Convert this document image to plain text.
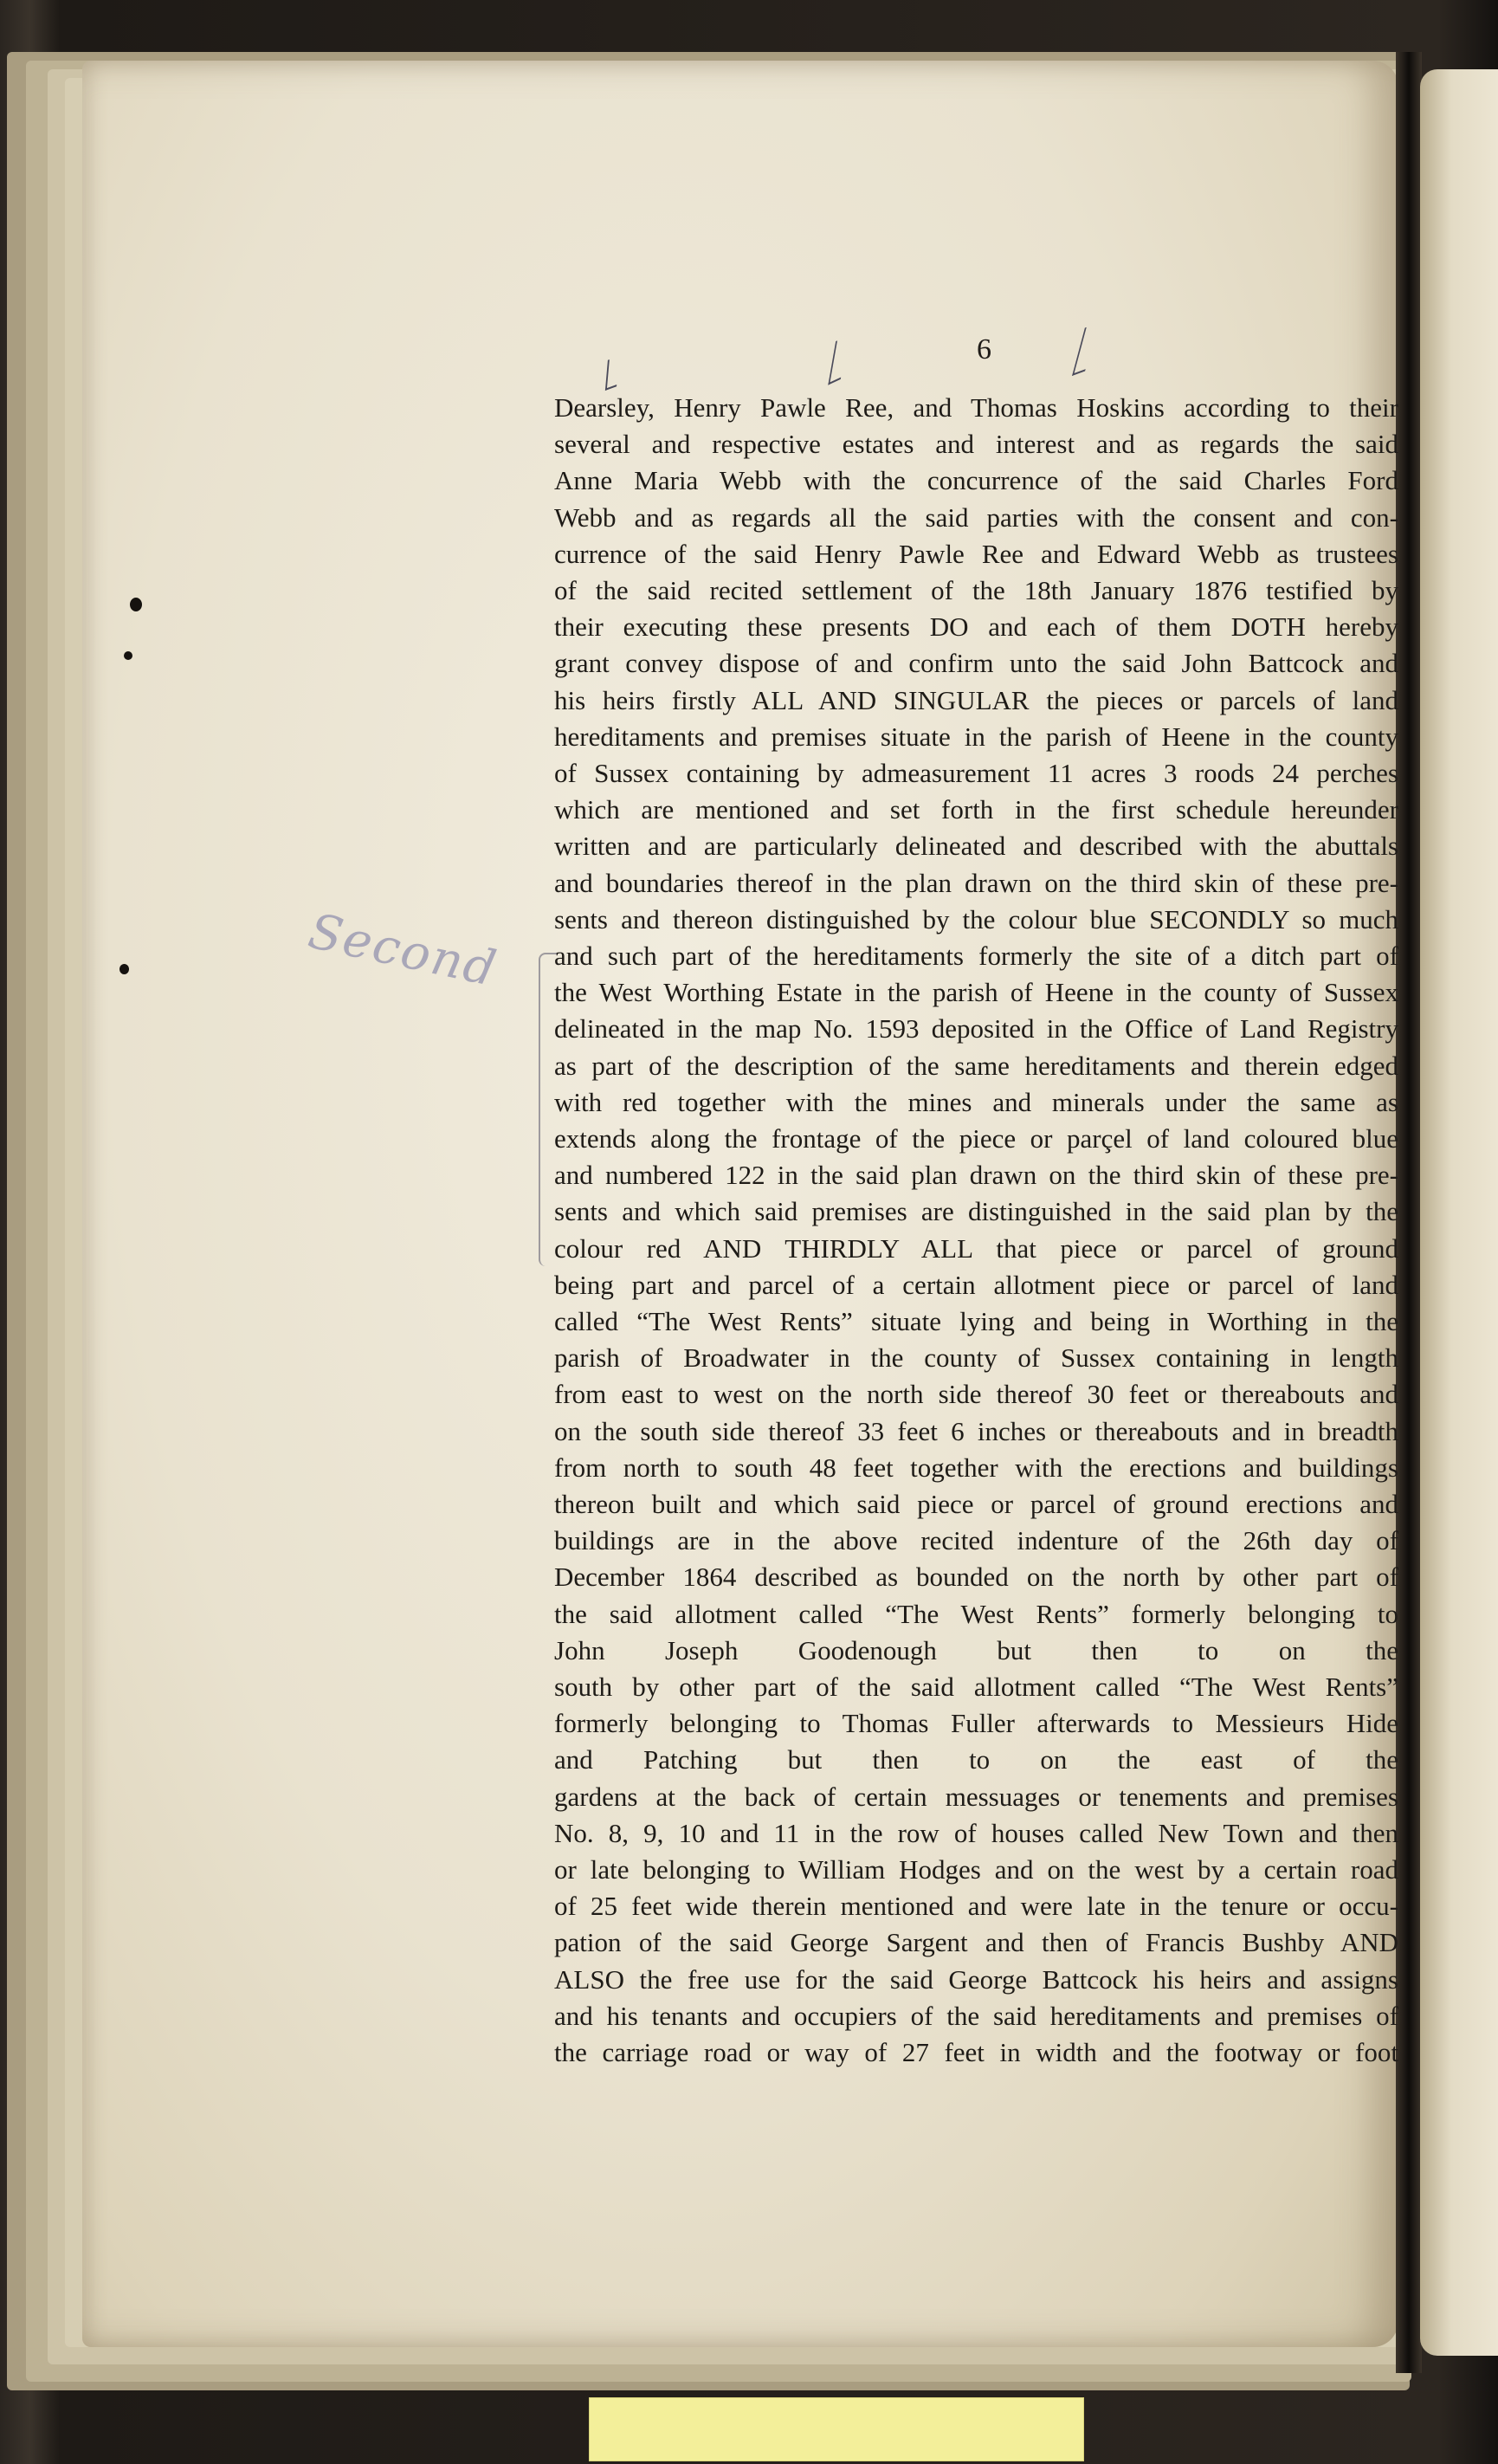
6
Second
Dearsley, Henry Pawle Ree, and Thomas Hoskins according to their
several and respective estates and interest and as regards the said
Anne Maria Webb with the concurrence of the said Charles Ford
Webb and as regards all the said parties with the consent and con-
currence of the said Henry Pawle Ree and Edward Webb as trustees
of the said recited settlement of the 18th January 1876 testified by
their executing these presents DO and each of them DOTH hereby
grant convey dispose of and confirm unto the said John Battcock and
his heirs firstly ALL AND SINGULAR the pieces or parcels of land
hereditaments and premises situate in the parish of Heene in the county
of Sussex containing by admeasurement 11 acres 3 roods 24 perches
which are mentioned and set forth in the first schedule hereunder
written and are particularly delineated and described with the abuttals
and boundaries thereof in the plan drawn on the third skin of these pre-
sents and thereon distinguished by the colour blue SECONDLY so much
and such part of the hereditaments formerly the site of a ditch part of
the West Worthing Estate in the parish of Heene in the county of Sussex
delineated in the map No. 1593 deposited in the Office of Land Registry
as part of the description of the same hereditaments and therein edged
with red together with the mines and minerals under the same as
extends along the frontage of the piece or parçel of land coloured blue
and numbered 122 in the said plan drawn on the third skin of these pre-
sents and which said premises are distinguished in the said plan by the
colour red AND THIRDLY ALL that piece or parcel of ground
being part and parcel of a certain allotment piece or parcel of land
called “The West Rents” situate lying and being in Worthing in the
parish of Broadwater in the county of Sussex containing in length
from east to west on the north side thereof 30 feet or thereabouts and
on the south side thereof 33 feet 6 inches or thereabouts and in breadth
from north to south 48 feet together with the erections and buildings
thereon built and which said piece or parcel of ground erections and
buildings are in the above recited indenture of the 26th day of
December 1864 described as bounded on the north by other part of
the said allotment called “The West Rents” formerly belonging to
John Joseph Goodenough but then to on the
south by other part of the said allotment called “The West Rents”
formerly belonging to Thomas Fuller afterwards to Messieurs Hide
and Patching but then to on the east of the
gardens at the back of certain messuages or tenements and premises
No. 8, 9, 10 and 11 in the row of houses called New Town and then
or late belonging to William Hodges and on the west by a certain road
of 25 feet wide therein mentioned and were late in the tenure or occu-
pation of the said George Sargent and then of Francis Bushby AND
ALSO the free use for the said George Battcock his heirs and assigns
and his tenants and occupiers of the said hereditaments and premises of
the carriage road or way of 27 feet in width and the footway or foot
